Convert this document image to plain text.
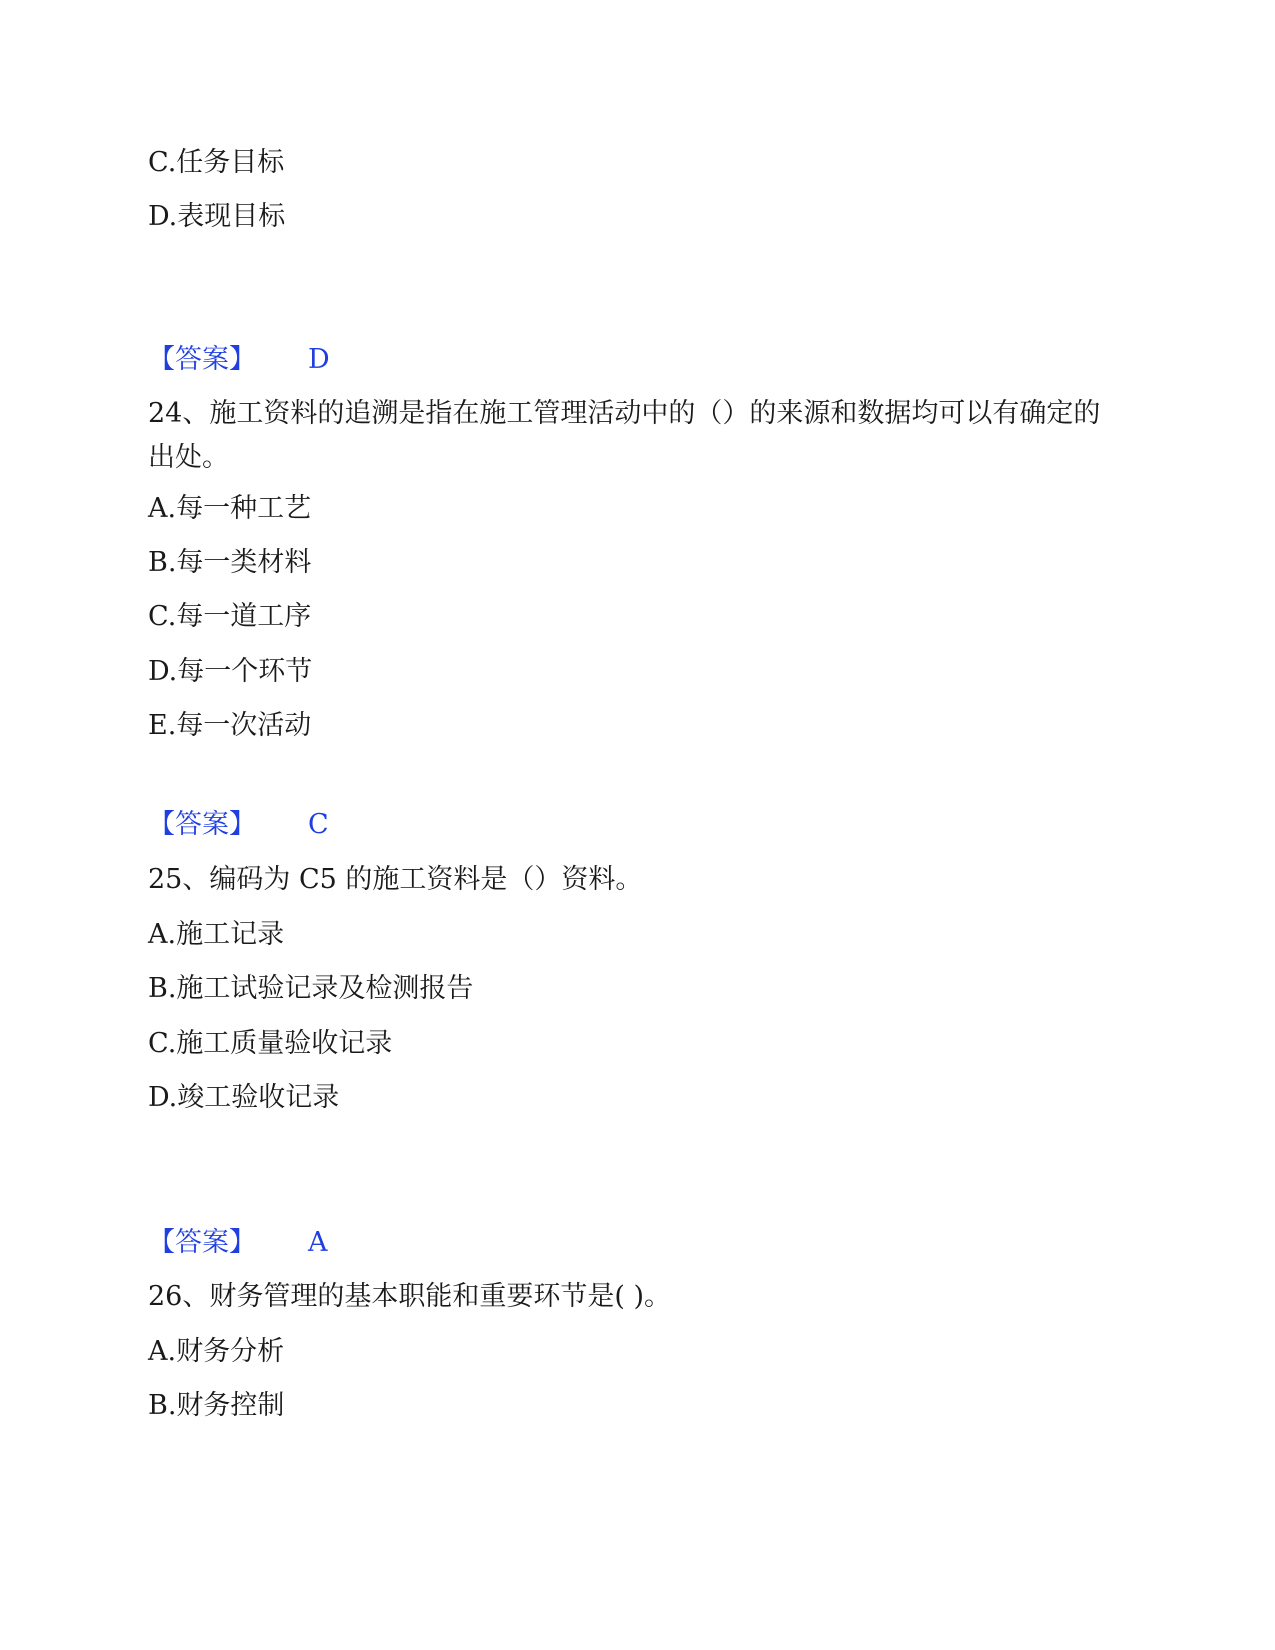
C.任务目标
D.表现目标
【答案】 D
24、施工资料的追溯是指在施工管理活动中的（）的来源和数据均可以有确定的出处。
A.每一种工艺
B.每一类材料
C.每一道工序
D.每一个环节
E.每一次活动
【答案】 C
25、编码为 C5 的施工资料是（）资料。
A.施工记录
B.施工试验记录及检测报告
C.施工质量验收记录
D.竣工验收记录
【答案】 A
26、财务管理的基本职能和重要环节是( )。
A.财务分析
B.财务控制
